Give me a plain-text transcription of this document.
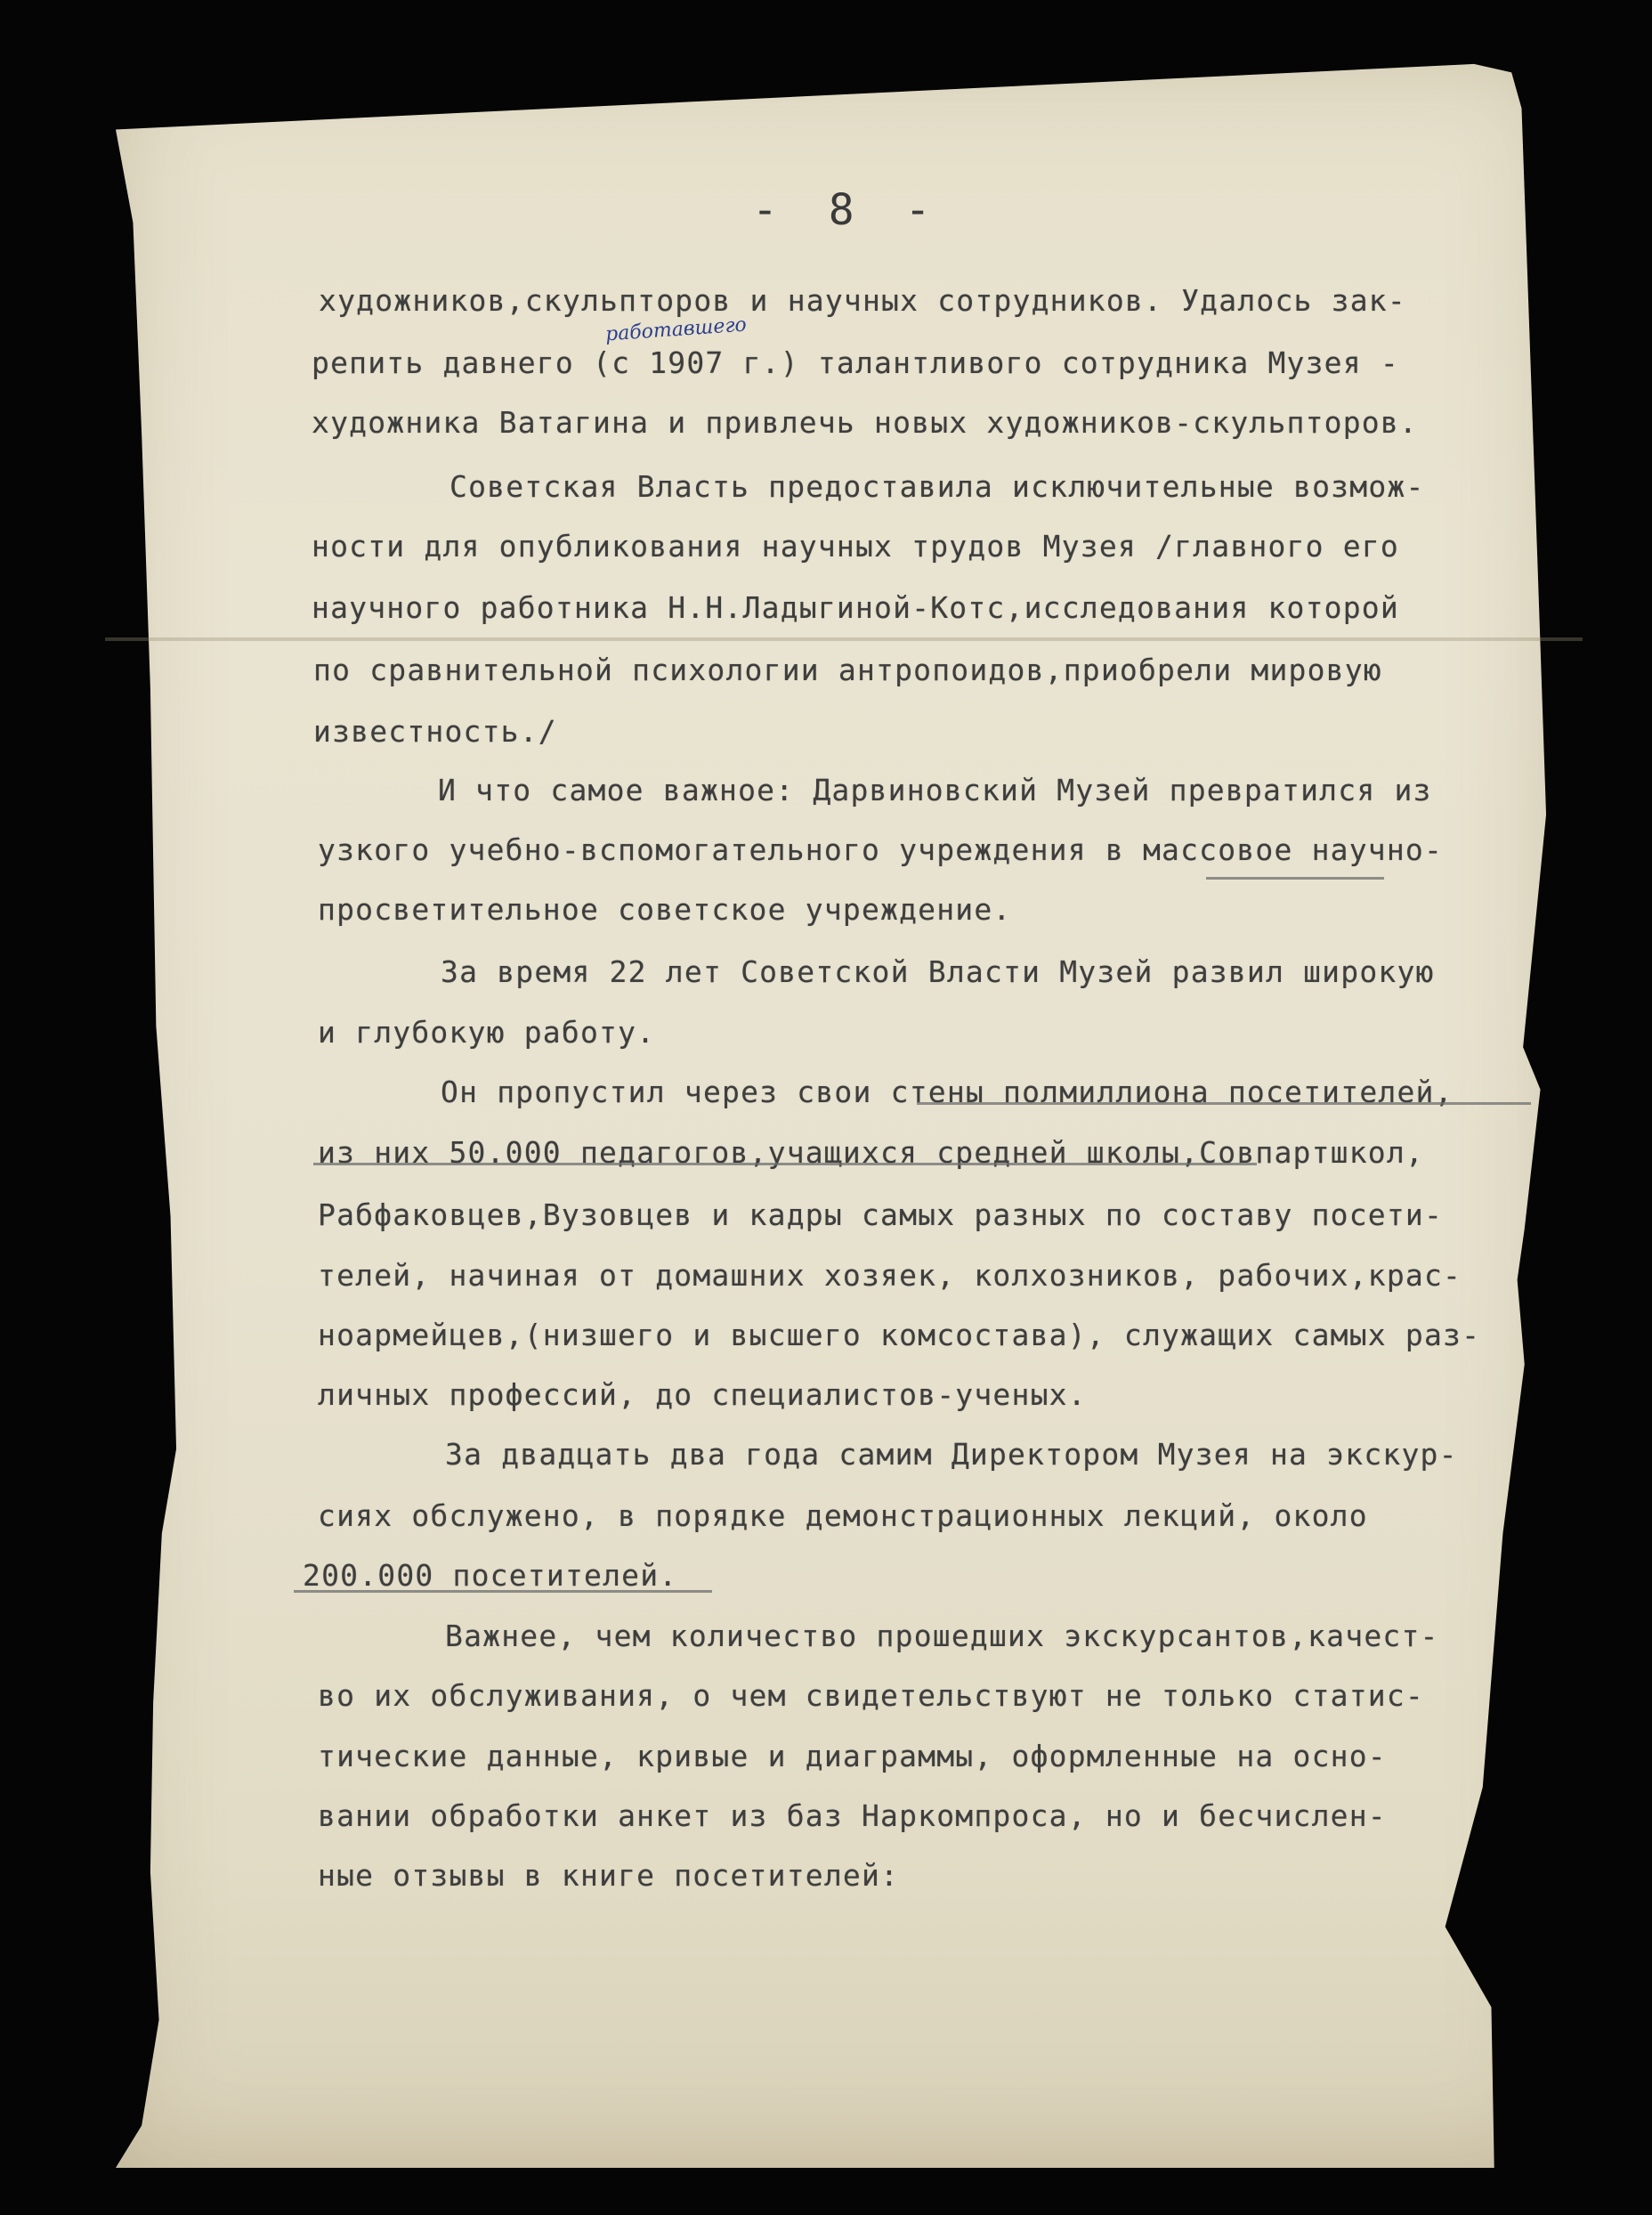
- 8 -
работавшего
художников,скульпторов и научных сотрудников. Удалось зак-
репить давнего (с 1907 г.) талантливого сотрудника Музея -
художника Ватагина и привлечь новых художников-скульпторов.
Советская Власть предоставила исключительные возмож-
ности для опубликования научных трудов Музея /главного его
научного работника Н.Н.Ладыгиной-Котс,исследования которой
по сравнительной психологии антропоидов,приобрели мировую
известность./
И что самое важное: Дарвиновский Музей превратился из
узкого учебно-вспомогательного учреждения в массовое научно-
просветительное советское учреждение.
За время 22 лет Советской Власти Музей развил широкую
и глубокую работу.
Он пропустил через свои стены полмиллиона посетителей,
из них 50.000 педагогов,учащихся средней школы,Совпартшкол,
Рабфаковцев,Вузовцев и кадры самых разных по составу посети-
телей, начиная от домашних хозяек, колхозников, рабочих,крас-
ноармейцев,(низшего и высшего комсостава), служащих самых раз-
личных профессий, до специалистов-ученых.
За двадцать два года самим Директором Музея на экскур-
сиях обслужено, в порядке демонстрационных лекций, около
200.000 посетителей.
Важнее, чем количество прошедших экскурсантов,качест-
во их обслуживания, о чем свидетельствуют не только статис-
тические данные, кривые и диаграммы, оформленные на осно-
вании обработки анкет из баз Наркомпроса, но и бесчислен-
ные отзывы в книге посетителей:
